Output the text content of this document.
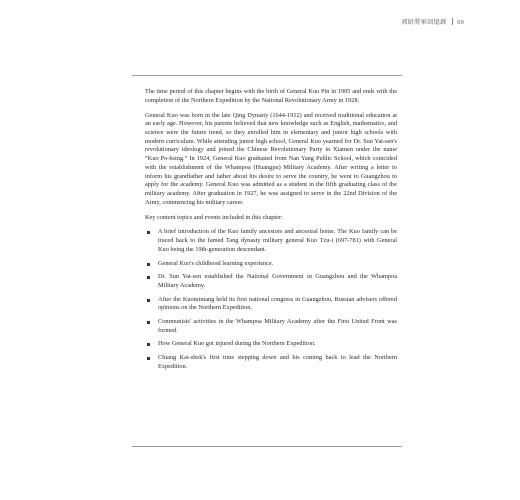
郭紹將軍回憶錄 69

The time period of this chapter begins with the birth of General Kuo Pin in 1905 and ends with the completion of the Northern Expedition by the National Revolutionary Army in 1928.

General Kuo was born in the late Qing Dynasty (1644-1912) and received traditional education at an early age. However, his parents believed that new knowledge such as English, mathematics, and science were the future trend, so they enrolled him in elementary and junior high schools with modern curriculum. While attending junior high school, General Kuo yearned for Dr. Sun Yat-sen's revolutionary ideology and joined the Chinese Revolutionary Party in Xiamen under the name “Kuo Po-hsing.” In 1924, General Kuo graduated from Nan Yang Public School, which coincided with the establishment of the Whampoa (Huangpu) Military Academy. After writing a letter to inform his grandfather and father about his desire to serve the country, he went to Guangzhou to apply for the academy. General Kuo was admitted as a student in the fifth graduating class of the military academy. After graduation in 1927, he was assigned to serve in the 22nd Division of the Army, commencing his military career.

Key content topics and events included in this chapter:

A brief introduction of the Kuo family ancestors and ancestral home. The Kuo family can be traced back to the famed Tang dynasty military general Kuo Tzu-i (697-781) with General Kuo being the 19th-generation descendant.
General Kuo's childhood learning experience.
Dr. Sun Yat-sen established the National Government in Guangzhou and the Whampoa Military Academy.
After the Kuomintang held its first national congress in Guangzhou, Russian advisers offered opinions on the Northern Expedition.
Communists' activities in the Whampoa Military Academy after the First United Front was formed.
How General Kuo got injured during the Northern Expedition.
Chiang Kai-shek's first time stepping down and his coming back to lead the Northern Expedition.
